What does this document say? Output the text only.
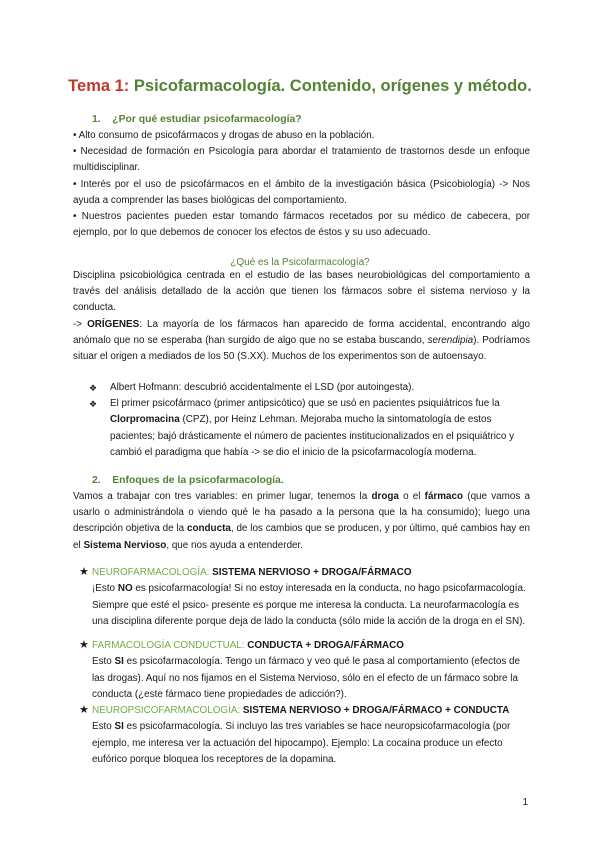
Tema 1: Psicofarmacología. Contenido, orígenes y método.
1. ¿Por qué estudiar psicofarmacología?
• Alto consumo de psicofármacos y drogas de abuso en la población.
• Necesidad de formación en Psicología para abordar el tratamiento de trastornos desde un enfoque multidisciplinar.
• Interés por el uso de psicofármacos en el ámbito de la investigación básica (Psicobiología) -> Nos ayuda a comprender las bases biológicas del comportamiento.
• Nuestros pacientes pueden estar tomando fármacos recetados por su médico de cabecera, por ejemplo, por lo que debemos de conocer los efectos de éstos y su uso adecuado.
¿Qué es la Psicofarmacología?
Disciplina psicobiológica centrada en el estudio de las bases neurobiológicas del comportamiento a través del análisis detallado de la acción que tienen los fármacos sobre el sistema nervioso y la conducta.
-> ORÍGENES: La mayoría de los fármacos han aparecido de forma accidental, encontrando algo anómalo que no se esperaba (han surgido de algo que no se estaba buscando, serendipia). Podríamos situar el origen a mediados de los 50 (S.XX). Muchos de los experimentos son de autoensayo.
❖ Albert Hofmann: descubrió accidentalmente el LSD (por autoingesta).
❖ El primer psicofármaco (primer antipsicótico) que se usó en pacientes psiquiátricos fue la Clorpromacina (CPZ), por Heinz Lehman. Mejoraba mucho la sintomatología de estos pacientes; bajó drásticamente el número de pacientes institucionalizados en el psiquiátrico y cambió el paradigma que había -> se dio el inicio de la psicofarmacología moderna.
2. Enfoques de la psicofarmacología.
Vamos a trabajar con tres variables: en primer lugar, tenemos la droga o el fármaco (que vamos a usarlo o administrándola o viendo qué le ha pasado a la persona que la ha consumido); luego una descripción objetiva de la conducta, de los cambios que se producen, y por último, qué cambios hay en el Sistema Nervioso, que nos ayuda a entenderder.
★ NEUROFARMACOLOGÍA: SISTEMA NERVIOSO + DROGA/FÁRMACO
¡Esto NO es psicofarmacología! Si no estoy interesada en la conducta, no hago psicofarmacología. Siempre que esté el psico- presente es porque me interesa la conducta. La neurofarmacología es una disciplina diferente porque deja de lado la conducta (sólo mide la acción de la droga en el SN).
★ FARMACOLOGÍA CONDUCTUAL: CONDUCTA + DROGA/FÁRMACO
Esto SI es psicofarmacología. Tengo un fármaco y veo qué le pasa al comportamiento (efectos de las drogas). Aquí no nos fijamos en el Sistema Nervioso, sólo en el efecto de un fármaco sobre la conducta (¿este fármaco tiene propiedades de adicción?).
★ NEUROPSICOFARMACOLOGÍA: SISTEMA NERVIOSO + DROGA/FÁRMACO + CONDUCTA
Esto SI es psicofarmacología. Si incluyo las tres variables se hace neuropsicofarmacología (por ejemplo, me interesa ver la actuación del hipocampo). Ejemplo: La cocaína produce un efecto eufórico porque bloquea los receptores de la dopamina.
1
